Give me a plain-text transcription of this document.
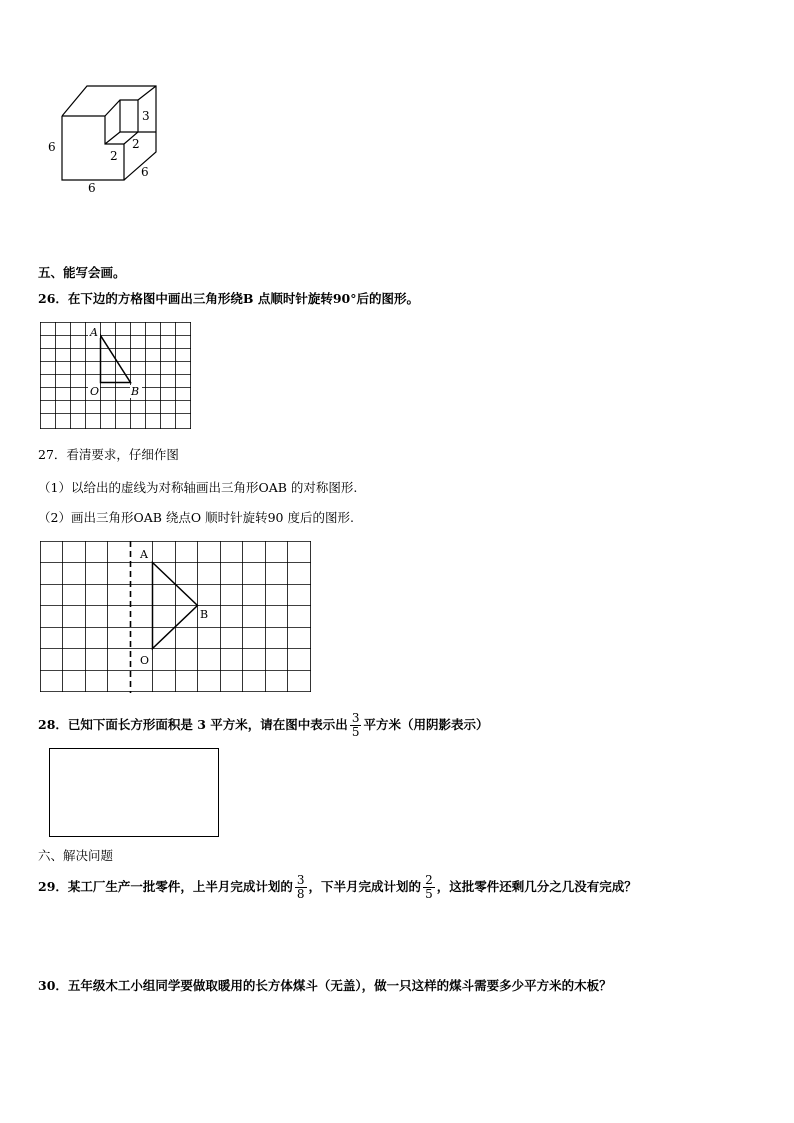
6
6
6
3
2
2
五、能写会画。
26．在下边的方格图中画出三角形绕B 点顺时针旋转90°后的图形。
A
O	B
27．看清要求，仔细作图
（1）以给出的虚线为对称轴画出三角形OAB 的对称图形.
（2）画出三角形OAB 绕点O 顺时针旋转90 度后的图形.
A
B
O
28．已知下面长方形面积是 3 平方米，请在图中表示出 $\frac{3}{5}$ 平方米（用阴影表示）
六、解决问题
29．某工厂生产一批零件，上半月完成计划的 $\frac{3}{8}$ ，下半月完成计划的 $\frac{2}{5}$ ，这批零件还剩几分之几没有完成？
30．五年级木工小组同学要做取暖用的长方体煤斗（无盖），做一只这样的煤斗需要多少平方米的木板？
